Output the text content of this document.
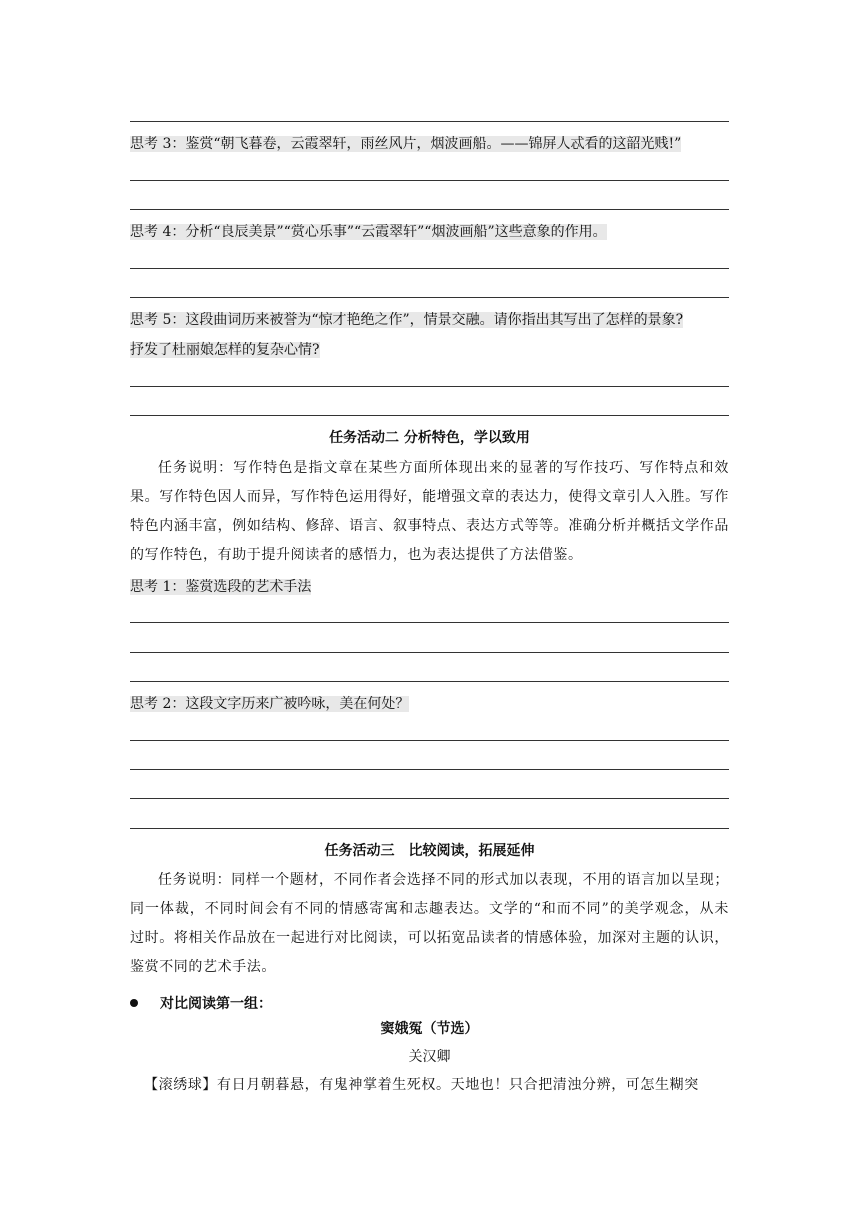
思考 3：鉴赏“朝飞暮卷，云霞翠轩，雨丝风片，烟波画船。——锦屏人忒看的这韶光贱!”
思考 4：分析“良辰美景”“赏心乐事”“云霞翠轩”“烟波画船”这些意象的作用。
思考 5：这段曲词历来被誉为“惊才艳绝之作”，情景交融。请你指出其写出了怎样的景象?
抒发了杜丽娘怎样的复杂心情?
任务活动二 分析特色，学以致用
任务说明：写作特色是指文章在某些方面所体现出来的显著的写作技巧、写作特点和效果。写作特色因人而异，写作特色运用得好，能增强文章的表达力，使得文章引人入胜。写作特色内涵丰富，例如结构、修辞、语言、叙事特点、表达方式等等。准确分析并概括文学作品的写作特色，有助于提升阅读者的感悟力，也为表达提供了方法借鉴。
思考 1：鉴赏选段的艺术手法
思考 2：这段文字历来广被吟咏，美在何处？
任务活动三　比较阅读，拓展延伸
任务说明：同样一个题材，不同作者会选择不同的形式加以表现，不用的语言加以呈现；同一体裁，不同时间会有不同的情感寄寓和志趣表达。文学的“和而不同”的美学观念，从未过时。将相关作品放在一起进行对比阅读，可以拓宽品读者的情感体验，加深对主题的认识，鉴赏不同的艺术手法。
对比阅读第一组：
窦娥冤（节选）
关汉卿
【滚绣球】有日月朝暮悬，有鬼神掌着生死权。天地也！只合把清浊分辨，可怎生糊突
